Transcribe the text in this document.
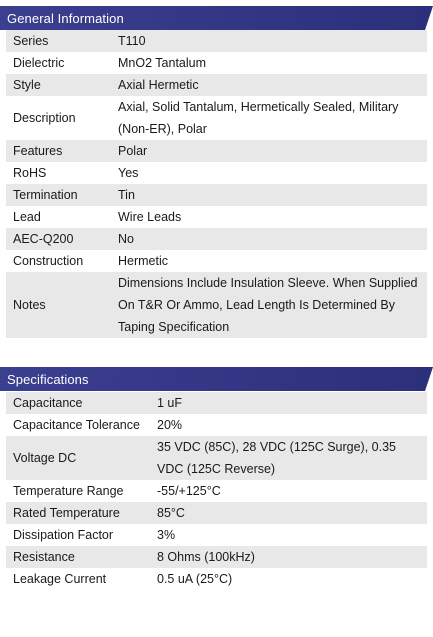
General Information
Series	T110
Dielectric	MnO2 Tantalum
Style	Axial Hermetic
Description	Axial, Solid Tantalum, Hermetically Sealed, Military (Non-ER), Polar
Features	Polar
RoHS	Yes
Termination	Tin
Lead	Wire Leads
AEC-Q200	No
Construction	Hermetic
Notes	Dimensions Include Insulation Sleeve. When Supplied On T&R Or Ammo, Lead Length Is Determined By Taping Specification
Specifications
Capacitance	1 uF
Capacitance Tolerance	20%
Voltage DC	35 VDC (85C), 28 VDC (125C Surge), 0.35 VDC (125C Reverse)
Temperature Range	-55/+125°C
Rated Temperature	85°C
Dissipation Factor	3%
Resistance	8 Ohms (100kHz)
Leakage Current	0.5 uA (25°C)
